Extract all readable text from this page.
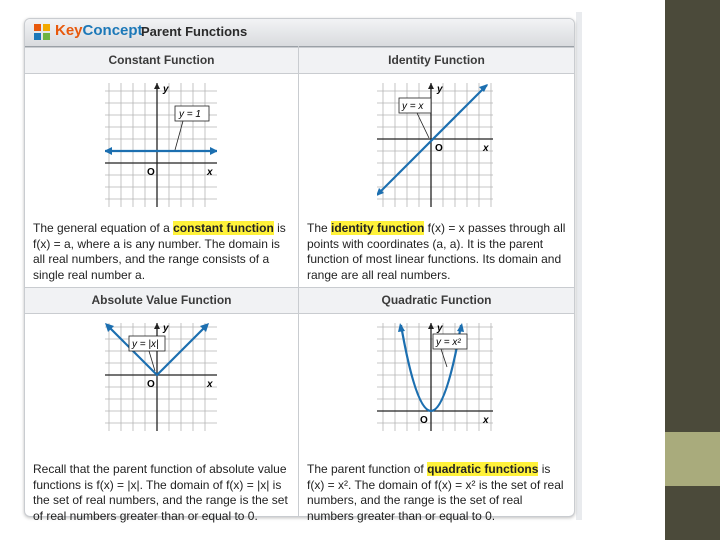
KeyConcept
Parent Functions
Constant Function
y
x
O
y = 1
The general equation of a constant function is f(x) = a, where a is any number. The domain is all real numbers, and the range consists of a single real number a.
Identity Function
y
x
O
y = x
The identity function f(x) = x passes through all points with coordinates (a, a). It is the parent function of most linear functions. Its domain and range are all real numbers.
Absolute Value Function
y
x
O
y = |x|
Recall that the parent function of absolute value functions is f(x) = |x|. The domain of f(x) = |x| is the set of real numbers, and the range is the set of real numbers greater than or equal to 0.
Quadratic Function
y
x
O
y = x²
The parent function of quadratic functions is f(x) = x². The domain of f(x) = x² is the set of real numbers, and the range is the set of real numbers greater than or equal to 0.
